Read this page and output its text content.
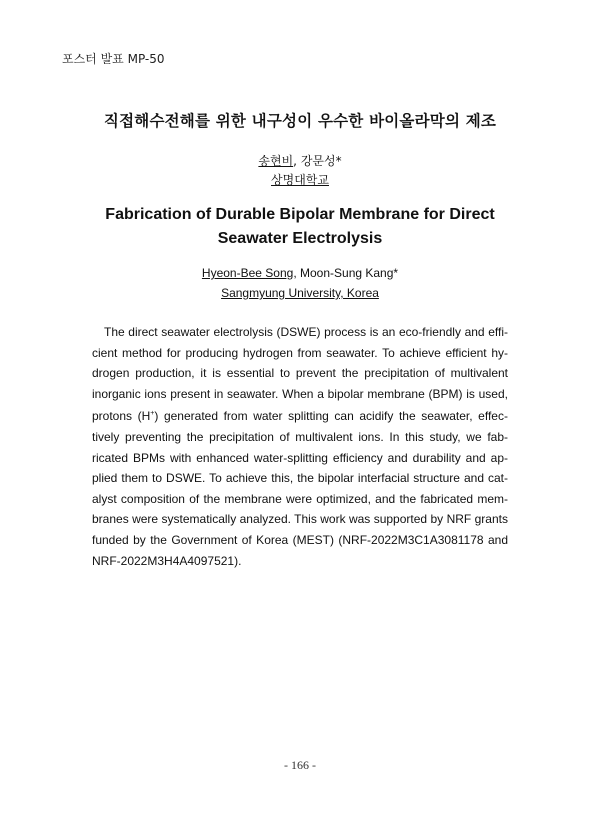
포스터 발표 MP-50
직접해수전해를 위한 내구성이 우수한 바이올라막의 제조
송현비, 강문성*
상명대학교
Fabrication of Durable Bipolar Membrane for Direct Seawater Electrolysis
Hyeon-Bee Song, Moon-Sung Kang*
Sangmyung University, Korea

The direct seawater electrolysis (DSWE) process is an eco-friendly and efficient method for producing hydrogen from seawater. To achieve efficient hydrogen production, it is essential to prevent the precipitation of multivalent inorganic ions present in seawater. When a bipolar membrane (BPM) is used, protons (H+) generated from water splitting can acidify the seawater, effectively preventing the precipitation of multivalent ions. In this study, we fabricated BPMs with enhanced water-splitting efficiency and durability and applied them to DSWE. To achieve this, the bipolar interfacial structure and catalyst composition of the membrane were optimized, and the fabricated membranes were systematically analyzed. This work was supported by NRF grants funded by the Government of Korea (MEST) (NRF-2022M3C1A3081178 and NRF-2022M3H4A4097521).

- 166 -
